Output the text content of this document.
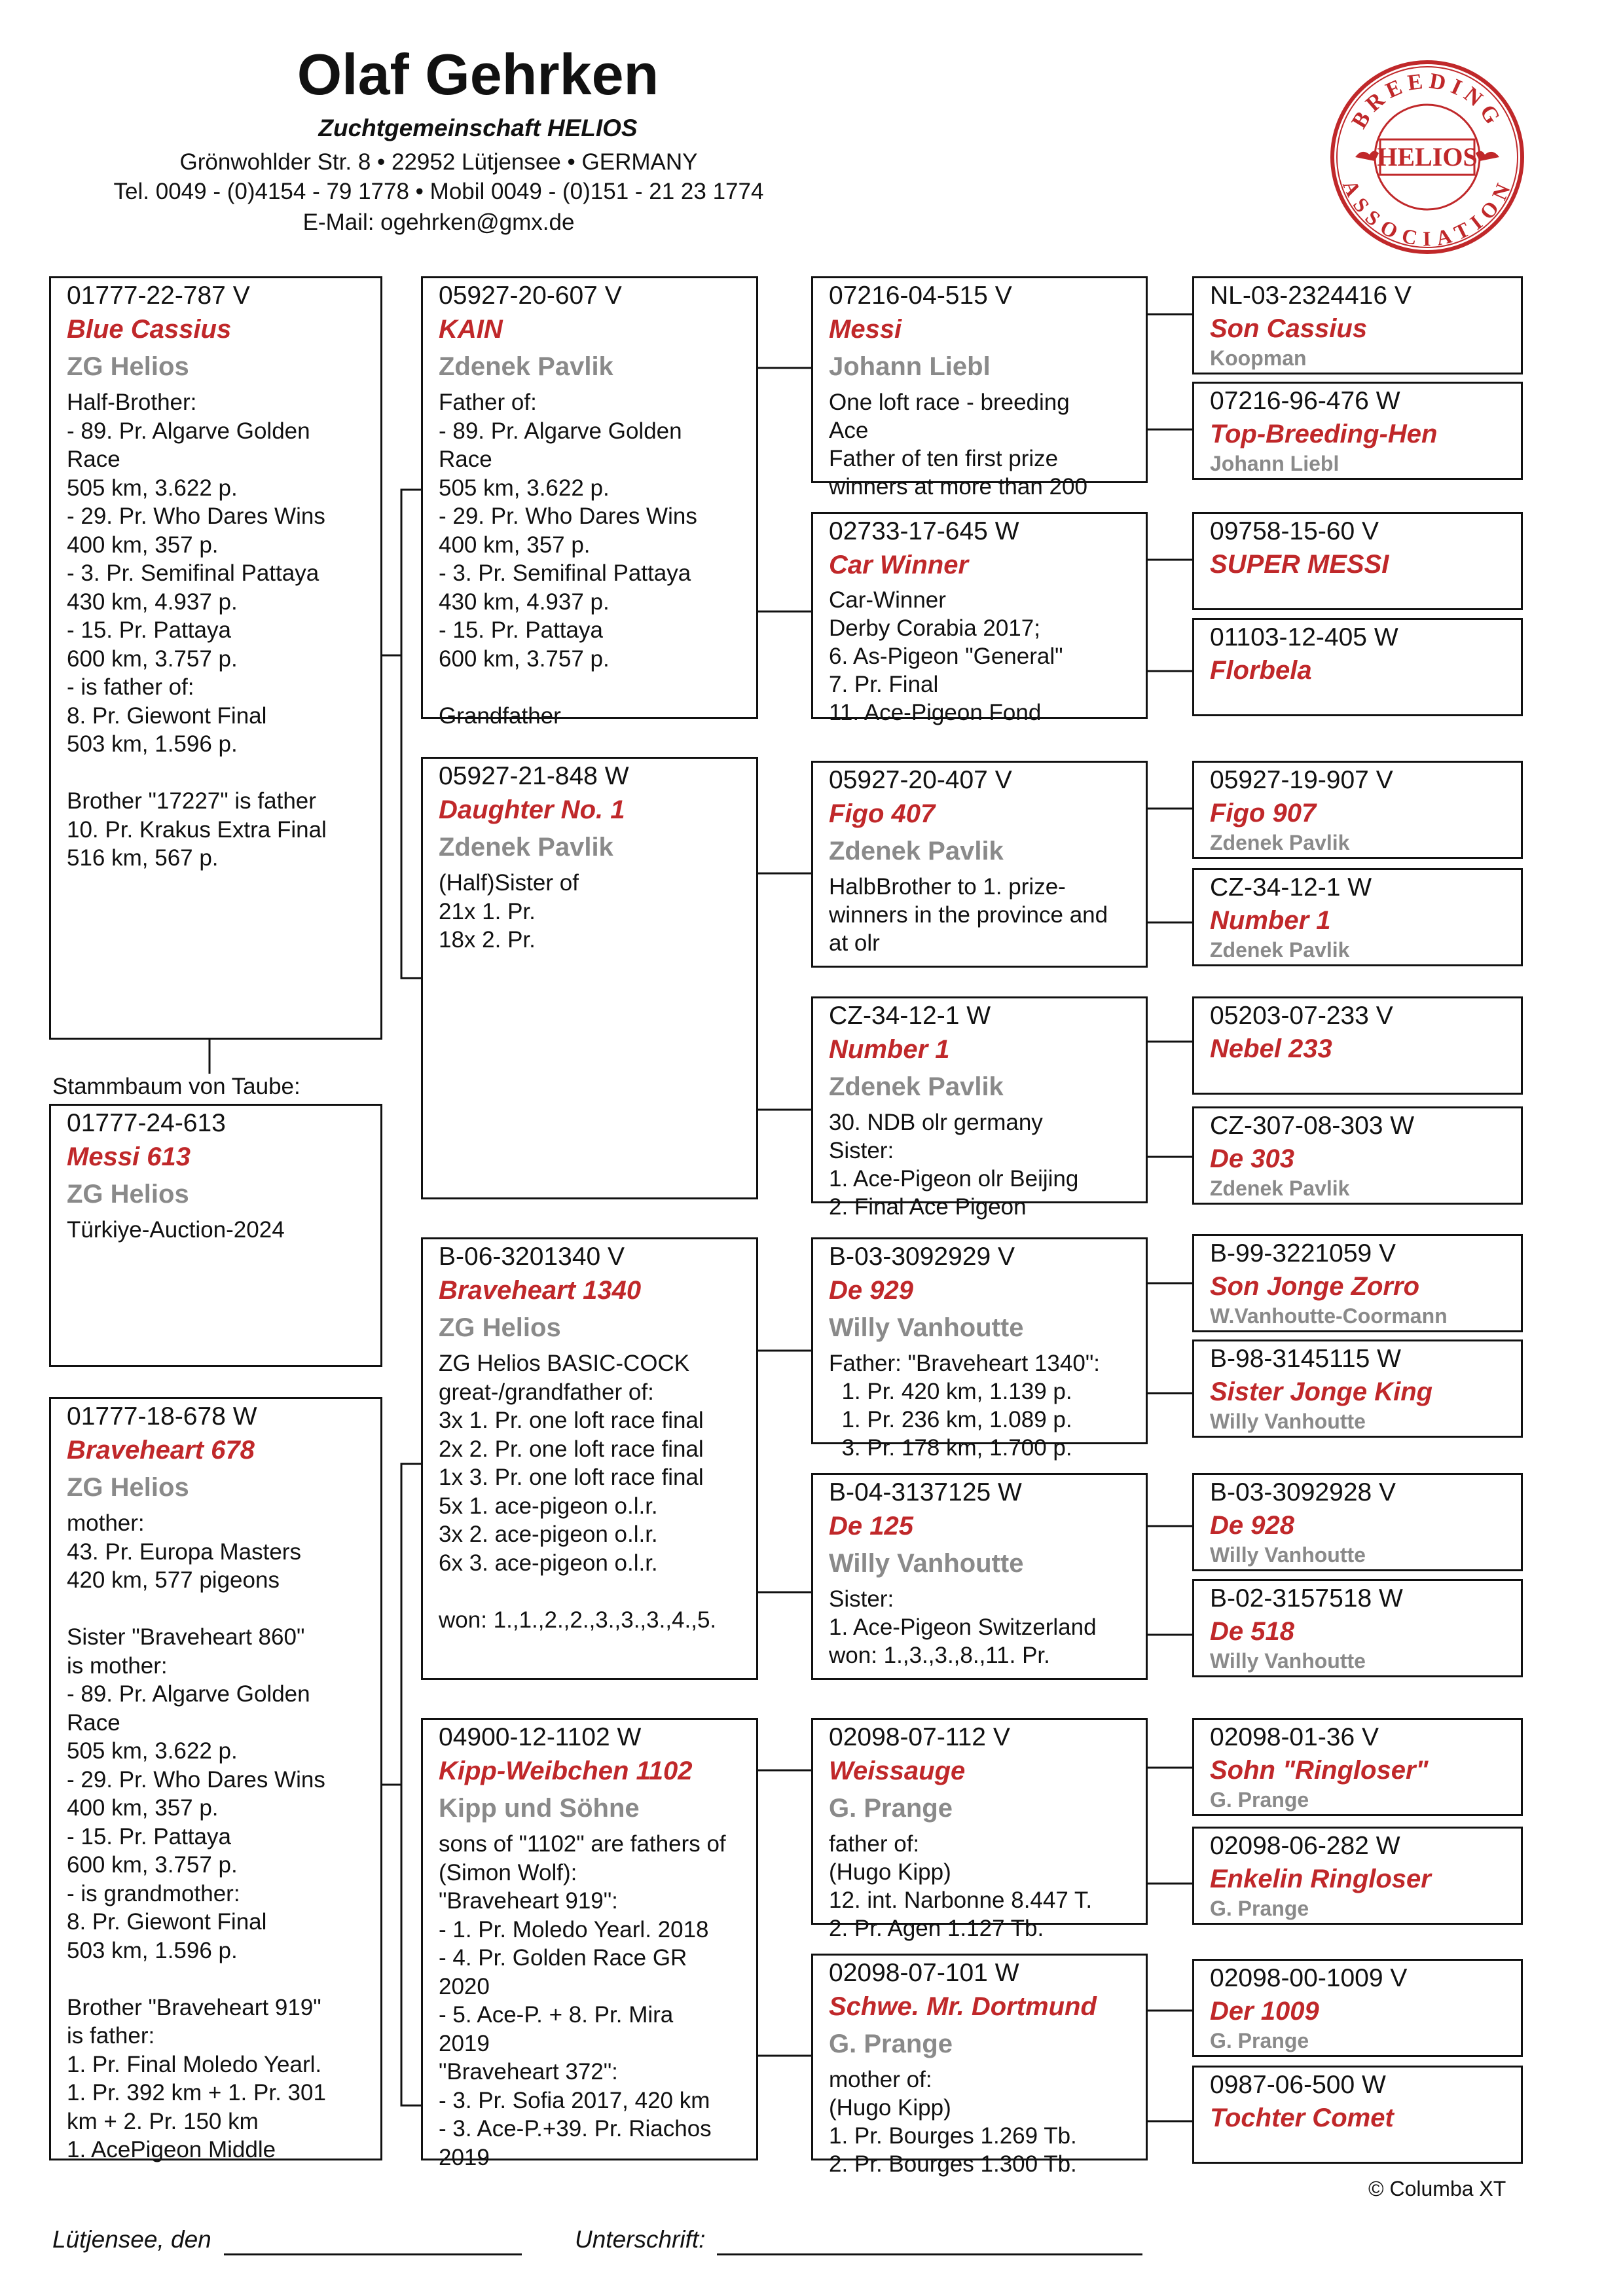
Olaf Gehrken
Zuchtgemeinschaft HELIOS
Grönwohlder Str. 8 • 22952 Lütjensee • GERMANY
Tel. 0049 - (0)4154 - 79 1778 • Mobil 0049 - (0)151 - 21 23 1774
E-Mail: ogehrken@gmx.de
BREEDING
ASSOCIATION
HELIOS
01777-22-787 V
Blue Cassius
ZG Helios
Half-Brother:
- 89. Pr. Algarve Golden
Race
505 km, 3.622 p.
- 29. Pr. Who Dares Wins
400 km, 357 p.
- 3. Pr. Semifinal Pattaya
430 km, 4.937 p.
- 15. Pr. Pattaya
600 km, 3.757 p.
- is father of:
8. Pr. Giewont Final
503 km, 1.596 p.

Brother "17227" is father
10. Pr. Krakus Extra Final
516 km, 567 p.
Stammbaum von Taube:
01777-24-613
Messi 613
ZG Helios
Türkiye-Auction-2024
01777-18-678 W
Braveheart 678
ZG Helios
mother:
43. Pr. Europa Masters
420 km, 577 pigeons

Sister "Braveheart 860"
is mother:
- 89. Pr. Algarve Golden
Race
505 km, 3.622 p.
- 29. Pr. Who Dares Wins
400 km, 357 p.
- 15. Pr. Pattaya
600 km, 3.757 p.
- is grandmother:
8. Pr. Giewont Final
503 km, 1.596 p.

Brother "Braveheart 919"
is father:
1. Pr. Final Moledo Yearl.
1. Pr. 392 km + 1. Pr. 301
km + 2. Pr. 150 km
1. AcePigeon Middle
05927-20-607 V
KAIN
Zdenek Pavlik
Father of:
- 89. Pr. Algarve Golden
Race
505 km, 3.622 p.
- 29. Pr. Who Dares Wins
400 km, 357 p.
- 3. Pr. Semifinal Pattaya
430 km, 4.937 p.
- 15. Pr. Pattaya
600 km, 3.757 p.

Grandfather
05927-21-848 W
Daughter No. 1
Zdenek Pavlik
(Half)Sister of
21x 1. Pr.
18x 2. Pr.
B-06-3201340 V
Braveheart 1340
ZG Helios
ZG Helios BASIC-COCK
great-/grandfather of:
3x 1. Pr. one loft race final
2x 2. Pr. one loft race final
1x 3. Pr. one loft race final
5x 1. ace-pigeon o.l.r.
3x 2. ace-pigeon o.l.r.
6x 3. ace-pigeon o.l.r.

won: 1.,1.,2.,2.,3.,3.,3.,4.,5.
04900-12-1102 W
Kipp-Weibchen 1102
Kipp und Söhne
sons of "1102" are fathers of
(Simon Wolf):
"Braveheart 919":
- 1. Pr. Moledo Yearl. 2018
- 4. Pr. Golden Race GR
2020
- 5. Ace-P. + 8. Pr. Mira
2019
"Braveheart 372":
- 3. Pr. Sofia 2017, 420 km
- 3. Ace-P.+39. Pr. Riachos
2019
07216-04-515 V
Messi
Johann Liebl
One loft race - breeding
Ace
Father of ten first prize
winners at more than 200
02733-17-645 W
Car Winner
Car-Winner
Derby Corabia 2017;
6. As-Pigeon "General"
7. Pr. Final
11. Ace-Pigeon Fond
05927-20-407 V
Figo 407
Zdenek Pavlik
HalbBrother to 1. prize-
winners in the province and
at olr
CZ-34-12-1 W
Number 1
Zdenek Pavlik
30. NDB olr germany
Sister:
1. Ace-Pigeon olr Beijing
2. Final Ace Pigeon
B-03-3092929 V
De 929
Willy Vanhoutte
Father: "Braveheart 1340":
1. Pr. 420 km, 1.139 p.
1. Pr. 236 km, 1.089 p.
3. Pr. 178 km, 1.700 p.
B-04-3137125 W
De 125
Willy Vanhoutte
Sister:
1. Ace-Pigeon Switzerland
won: 1.,3.,3.,8.,11. Pr.
02098-07-112 V
Weissauge
G. Prange
father of:
(Hugo Kipp)
12. int. Narbonne 8.447 T.
2. Pr. Agen 1.127 Tb.
02098-07-101 W
Schwe. Mr. Dortmund
G. Prange
mother of:
(Hugo Kipp)
1. Pr. Bourges 1.269 Tb.
2. Pr. Bourges 1.300 Tb.
NL-03-2324416 V
Son Cassius
Koopman
07216-96-476 W
Top-Breeding-Hen
Johann Liebl
09758-15-60 V
SUPER MESSI
01103-12-405 W
Florbela
05927-19-907 V
Figo 907
Zdenek Pavlik
CZ-34-12-1 W
Number 1
Zdenek Pavlik
05203-07-233 V
Nebel 233
CZ-307-08-303 W
De 303
Zdenek Pavlik
B-99-3221059 V
Son Jonge Zorro
W.Vanhoutte-Coormann
B-98-3145115 W
Sister Jonge King
Willy Vanhoutte
B-03-3092928 V
De 928
Willy Vanhoutte
B-02-3157518 W
De 518
Willy Vanhoutte
02098-01-36 V
Sohn "Ringloser"
G. Prange
02098-06-282 W
Enkelin Ringloser
G. Prange
02098-00-1009 V
Der 1009
G. Prange
0987-06-500 W
Tochter Comet
© Columba XT
Lütjensee, den	Unterschrift:
